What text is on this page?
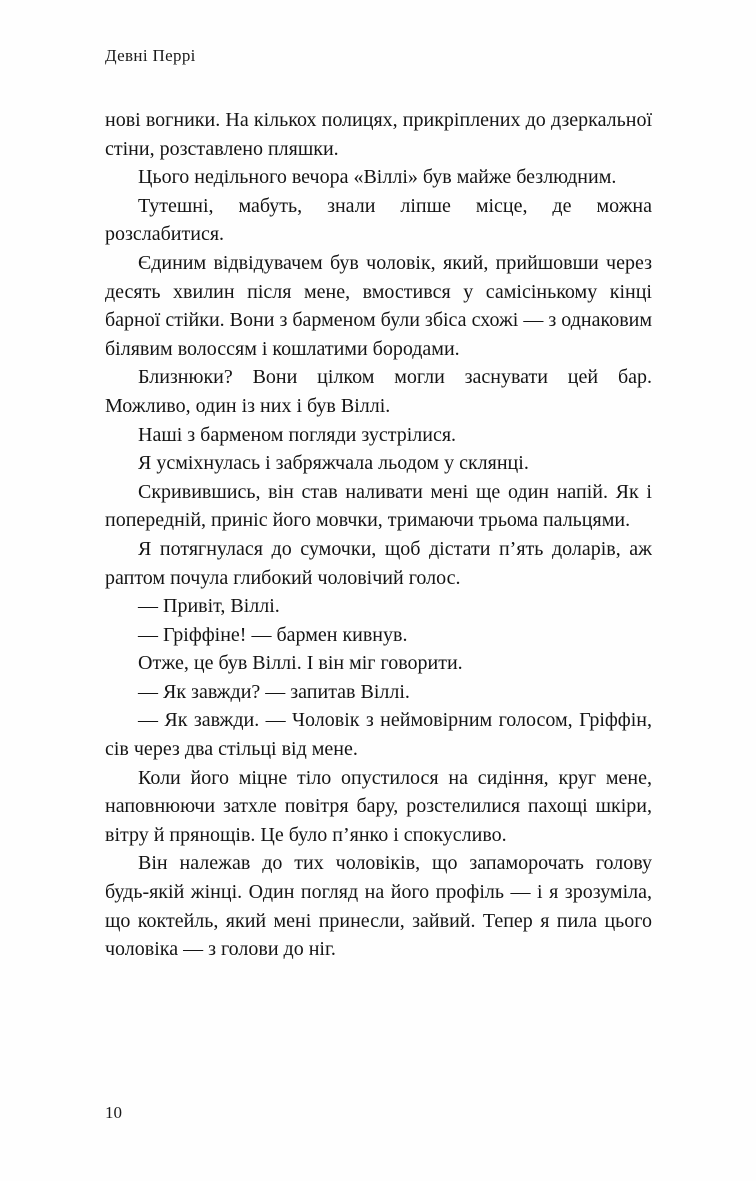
Девні Перрі

нові вогники. На кількох полицях, прикріплених до дзеркальної стіни, розставлено пляшки.

Цього недільного вечора «Віллі» був майже безлюдним.

Тутешні, мабуть, знали ліпше місце, де можна розслабитися.

Єдиним відвідувачем був чоловік, який, прийшовши через десять хвилин після мене, вмостився у самісінькому кінці барної стійки. Вони з барменом були збіса схожі — з однаковим білявим волоссям і кошлатими бородами.

Близнюки? Вони цілком могли заснувати цей бар. Можливо, один із них і був Віллі.

Наші з барменом погляди зустрілися.

Я усміхнулась і забряжчала льодом у склянці.

Скривившись, він став наливати мені ще один напій. Як і попередній, приніс його мовчки, тримаючи трьома пальцями.

Я потягнулася до сумочки, щоб дістати п’ять доларів, аж раптом почула глибокий чоловічий голос.

— Привіт, Віллі.

— Гріффіне! — бармен кивнув.

Отже, це був Віллі. І він міг говорити.

— Як завжди? — запитав Віллі.

— Як завжди. — Чоловік з неймовірним голосом, Гріффін, сів через два стільці від мене.

Коли його міцне тіло опустилося на сидіння, круг мене, наповнюючи затхле повітря бару, розстелилися пахощі шкіри, вітру й прянощів. Це було п’янко і спокусливо.

Він належав до тих чоловіків, що запаморочать голову будь-якій жінці. Один погляд на його профіль — і я зрозуміла, що коктейль, який мені принесли, зайвий. Тепер я пила цього чоловіка — з голови до ніг.

10
